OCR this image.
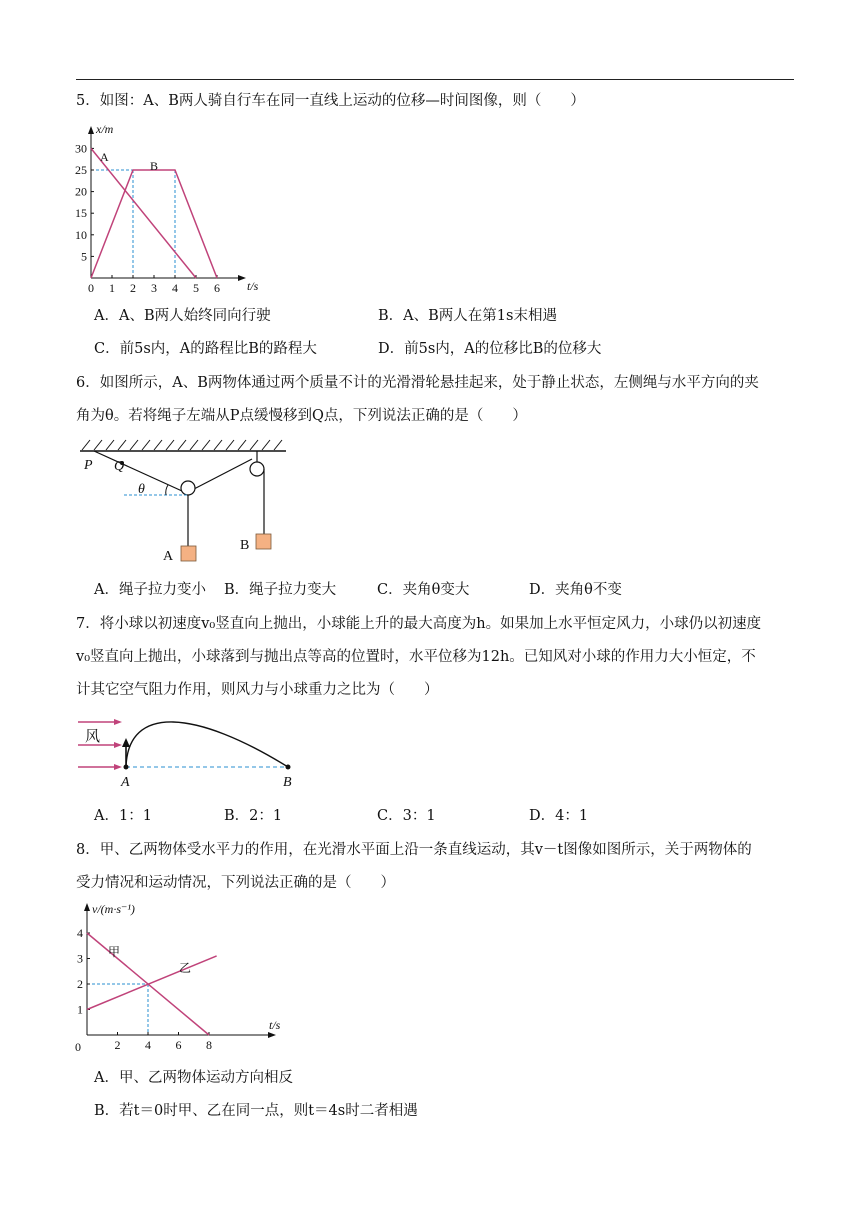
5．如图：A、B两人骑自行车在同一直线上运动的位移—时间图像，则（　　）
0 1 2 3 4 5 6
5
10
15
20
25
30
x/m
t/s
A
B
A．A、B两人始终同向行驶	B．A、B两人在第1s末相遇
C．前5s内，A的路程比B的路程大	D．前5s内，A的位移比B的位移大
6．如图所示，A、B两物体通过两个质量不计的光滑滑轮悬挂起来，处于静止状态，左侧绳与水平方向的夹
角为θ。若将绳子左端从P点缓慢移到Q点，下列说法正确的是（　　）
P Q
θ
A
B
A．绳子拉力变小 B．绳子拉力变大	C．夹角θ变大	D．夹角θ不变
7．将小球以初速度v₀竖直向上抛出，小球能上升的最大高度为h。如果加上水平恒定风力，小球仍以初速度
v₀竖直向上抛出，小球落到与抛出点等高的位置时，水平位移为12h。已知风对小球的作用力大小恒定，不
计其它空气阻力作用，则风力与小球重力之比为（　　）
风
A	B
A．1：1	B．2：1	C．3：1	D．4：1
8．甲、乙两物体受水平力的作用，在光滑水平面上沿一条直线运动，其v－t图像如图所示，关于两物体的
受力情况和运动情况，下列说法正确的是（　　）
2 4 6 8
1
2
3
4
v/(m·s⁻¹)
t/s
0
甲
乙
A．甲、乙两物体运动方向相反
B．若t＝0时甲、乙在同一点，则t＝4s时二者相遇
